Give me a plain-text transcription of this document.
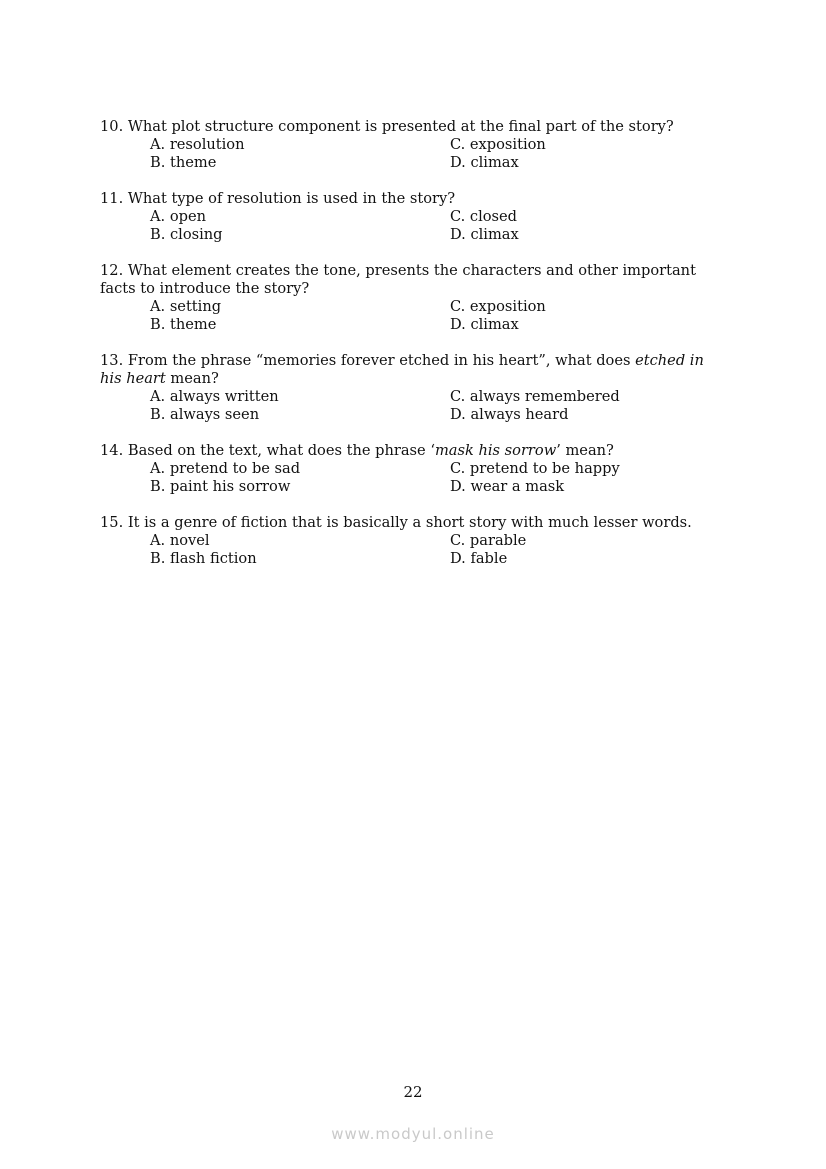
10. What plot structure component is presented at the final part of the story?
A. resolution	C. exposition
B. theme	D. climax
11. What type of resolution is used in the story?
A. open	C. closed
B. closing	D. climax
12. What element creates the tone, presents the characters and other important facts to introduce the story?
A. setting	C. exposition
B. theme	D. climax
13. From the phrase “memories forever etched in his heart”, what does etched in his heart mean?
A. always written	C. always remembered
B. always seen	D. always heard
14. Based on the text, what does the phrase ‘mask his sorrow’ mean?
A. pretend to be sad	C. pretend to be happy
B. paint his sorrow	D. wear a mask
15. It is a genre of fiction that is basically a short story with much lesser words.
A. novel	C. parable
B. flash fiction	D. fable
22
www.modyul.online
